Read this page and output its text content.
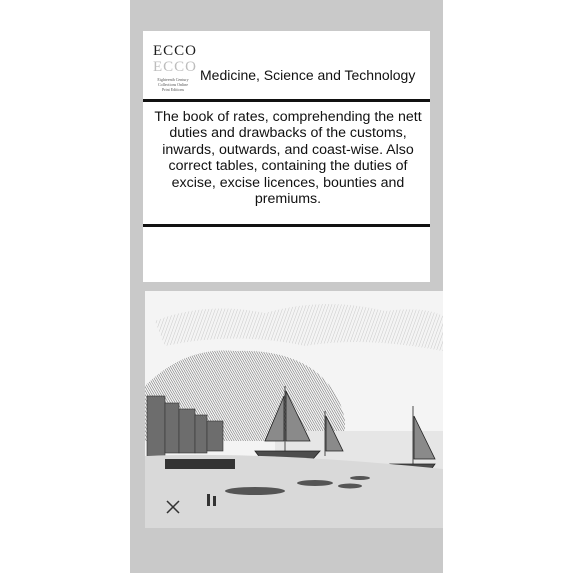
ECCO
ECCO
Eighteenth Century
Collections Online
Print Editions
Medicine, Science and Technology
The book of rates, comprehending the nett duties and drawbacks of the customs, inwards, outwards, and coast-wise. Also correct tables, containing the duties of excise, excise licences, bounties and premiums.
